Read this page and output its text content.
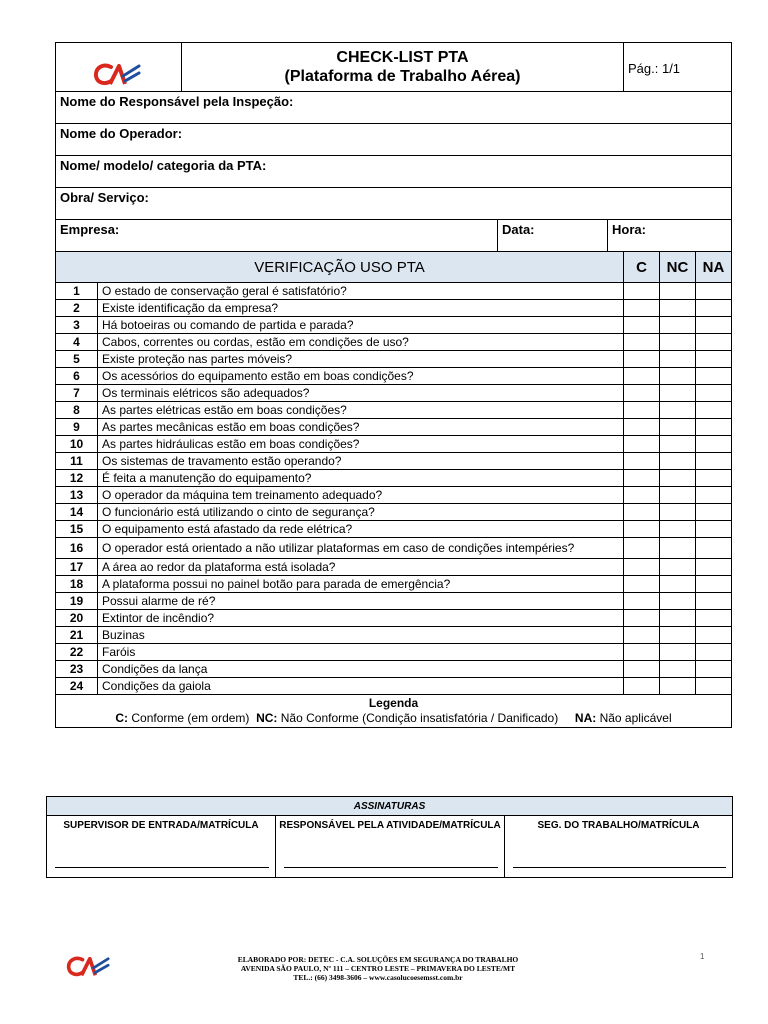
		CHECK-LIST PTA
(Plataforma de Trabalho Aérea)			Pág.: 1/1		
Nome do Responsável pela Inspeção:							
Nome do Operador:							
Nome/ modelo/ categoria da PTA:							
Obra/ Serviço:							
Empresa:			Data:	Hora:			
VERIFICAÇÃO USO PTA					C	NC	NA
1	O estado de conservação geral é satisfatório?						
2	Existe identificação da empresa?						
3	Há botoeiras ou comando de partida e parada?						
4	Cabos, correntes ou cordas, estão em condições de uso?						
5	Existe proteção nas partes móveis?						
6	Os acessórios do equipamento estão em boas condições?						
7	Os terminais elétricos são adequados?						
8	As partes elétricas estão em boas condições?						
9	As partes mecânicas estão em boas condições?						
10	As partes hidráulicas estão em boas condições?						
11	Os sistemas de travamento estão operando?						
12	É feita a manutenção do equipamento?						
13	O operador da máquina tem treinamento adequado?						
14	O funcionário está utilizando o cinto de segurança?						
15	O equipamento está afastado da rede elétrica?						
16	O operador está orientado a não utilizar plataformas em caso de condições intempéries?						
17	A área ao redor da plataforma está isolada?						
18	A plataforma possui no painel botão para parada de emergência?						
19	Possui alarme de ré?						
20	Extintor de incêndio?						
21	Buzinas						
22	Faróis						
23	Condições da lança						
24	Condições da gaiola						

Legenda
C: Conforme (em ordem) NC: Não Conforme (Condição insatisfatória / Danificado) NA: Não aplicável							
ASSINATURAS
SUPERVISOR DE ENTRADA/MATRÍCULA	RESPONSÁVEL PELA ATIVIDADE/MATRÍCULA	SEG. DO TRABALHO/MATRÍCULA
ELABORADO POR: DETEC - C.A. SOLUÇÕES EM SEGURANÇA DO TRABALHO
AVENIDA SÃO PAULO, Nº 111 – CENTRO LESTE – PRIMAVERA DO LESTE/MT
TEL.: (66) 3498-3606 – www.casolucoesemsst.com.br
1
